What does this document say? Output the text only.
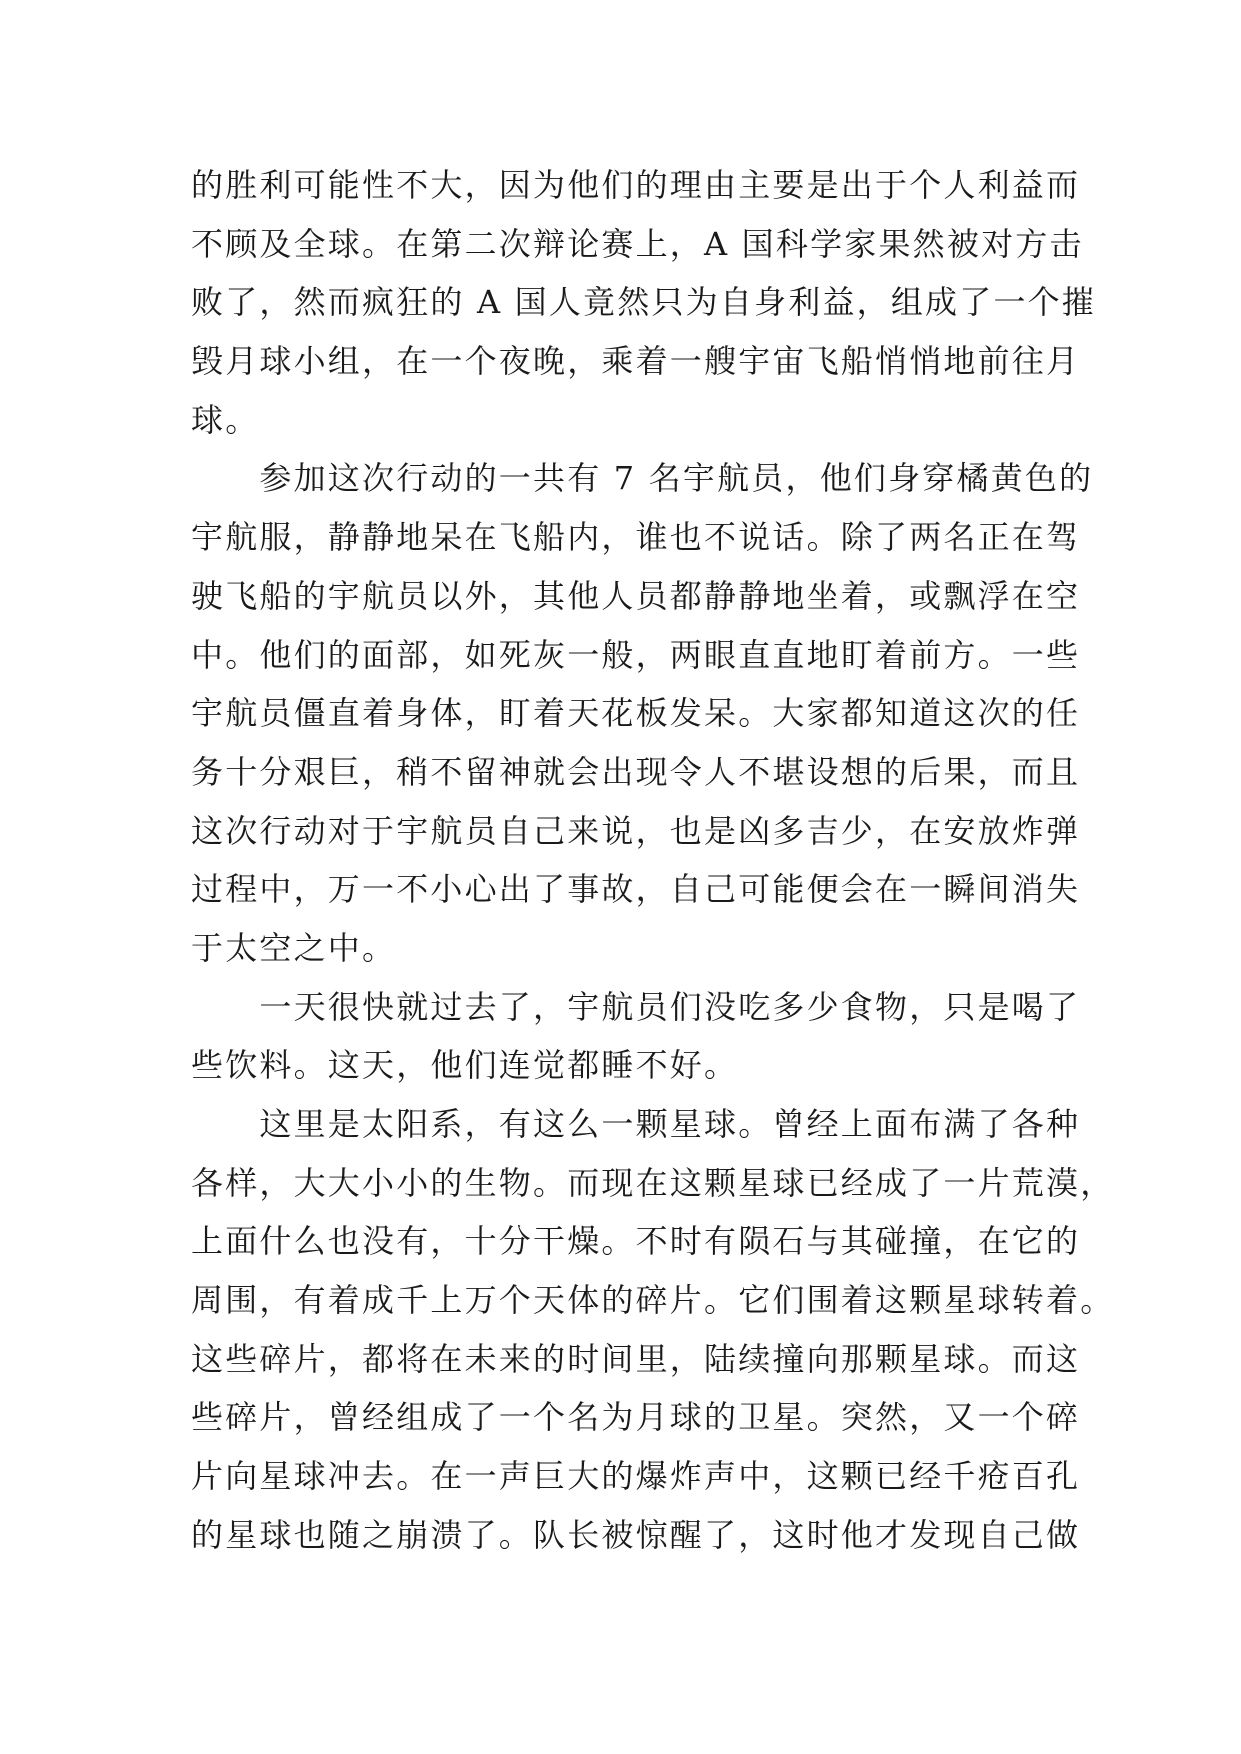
的胜利可能性不大，因为他们的理由主要是出于个人利益而
不顾及全球。在第二次辩论赛上，A 国科学家果然被对方击
败了，然而疯狂的 A 国人竟然只为自身利益，组成了一个摧
毁月球小组，在一个夜晚，乘着一艘宇宙飞船悄悄地前往月
球。
　　参加这次行动的一共有 7 名宇航员，他们身穿橘黄色的
宇航服，静静地呆在飞船内，谁也不说话。除了两名正在驾
驶飞船的宇航员以外，其他人员都静静地坐着，或飘浮在空
中。他们的面部，如死灰一般，两眼直直地盯着前方。一些
宇航员僵直着身体，盯着天花板发呆。大家都知道这次的任
务十分艰巨，稍不留神就会出现令人不堪设想的后果，而且
这次行动对于宇航员自己来说，也是凶多吉少，在安放炸弹
过程中，万一不小心出了事故，自己可能便会在一瞬间消失
于太空之中。
　　一天很快就过去了，宇航员们没吃多少食物，只是喝了
些饮料。这天，他们连觉都睡不好。
　　这里是太阳系，有这么一颗星球。曾经上面布满了各种
各样，大大小小的生物。而现在这颗星球已经成了一片荒漠，
上面什么也没有，十分干燥。不时有陨石与其碰撞，在它的
周围，有着成千上万个天体的碎片。它们围着这颗星球转着。
这些碎片，都将在未来的时间里，陆续撞向那颗星球。而这
些碎片，曾经组成了一个名为月球的卫星。突然，又一个碎
片向星球冲去。在一声巨大的爆炸声中，这颗已经千疮百孔
的星球也随之崩溃了。队长被惊醒了，这时他才发现自己做
